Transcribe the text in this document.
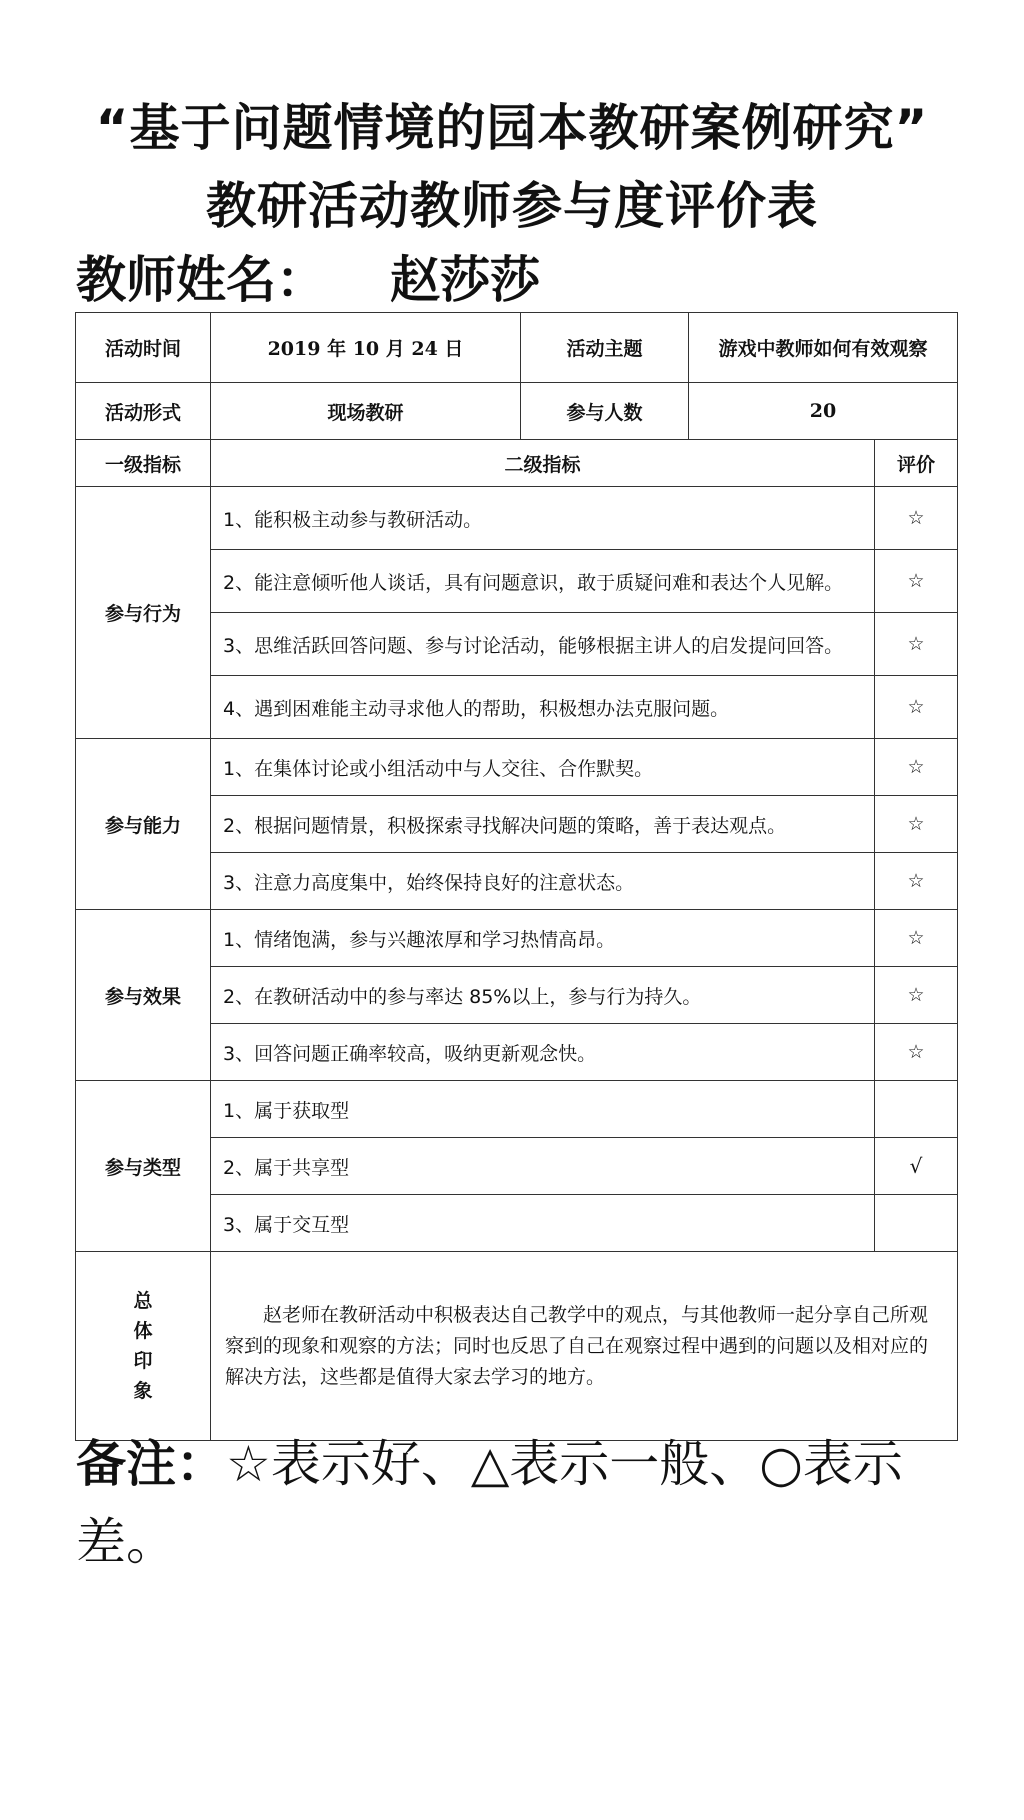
“基于问题情境的园本教研案例研究”
教研活动教师参与度评价表
教师姓名： 赵莎莎
活动时间	2019 年 10 月 24 日	活动主题	游戏中教师如何有效观察	
活动形式	现场教研	参与人数	20	
一级指标	二级指标			评价
参与行为	1、能积极主动参与教研活动。			☆
	2、能注意倾听他人谈话，具有问题意识，敢于质疑问难和表达个人见解。			☆
	3、思维活跃回答问题、参与讨论活动，能够根据主讲人的启发提问回答。			☆
	4、遇到困难能主动寻求他人的帮助，积极想办法克服问题。			☆
参与能力	1、在集体讨论或小组活动中与人交往、合作默契。			☆
	2、根据问题情景，积极探索寻找解决问题的策略，善于表达观点。			☆
	3、注意力高度集中，始终保持良好的注意状态。			☆
参与效果	1、情绪饱满，参与兴趣浓厚和学习热情高昂。			☆
	2、在教研活动中的参与率达 85%以上，参与行为持久。			☆
	3、回答问题正确率较高，吸纳更新观念快。			☆
参与类型	1、属于获取型			
	2、属于共享型			√
	3、属于交互型			

总
体
印
象	赵老师在教研活动中积极表达自己教学中的观点，与其他教师一起分享自己所观察到的现象和观察的方法；同时也反思了自己在观察过程中遇到的问题以及相对应的解决方法，这些都是值得大家去学习的地方。			

备注：☆表示好、△表示一般、○表示差。
